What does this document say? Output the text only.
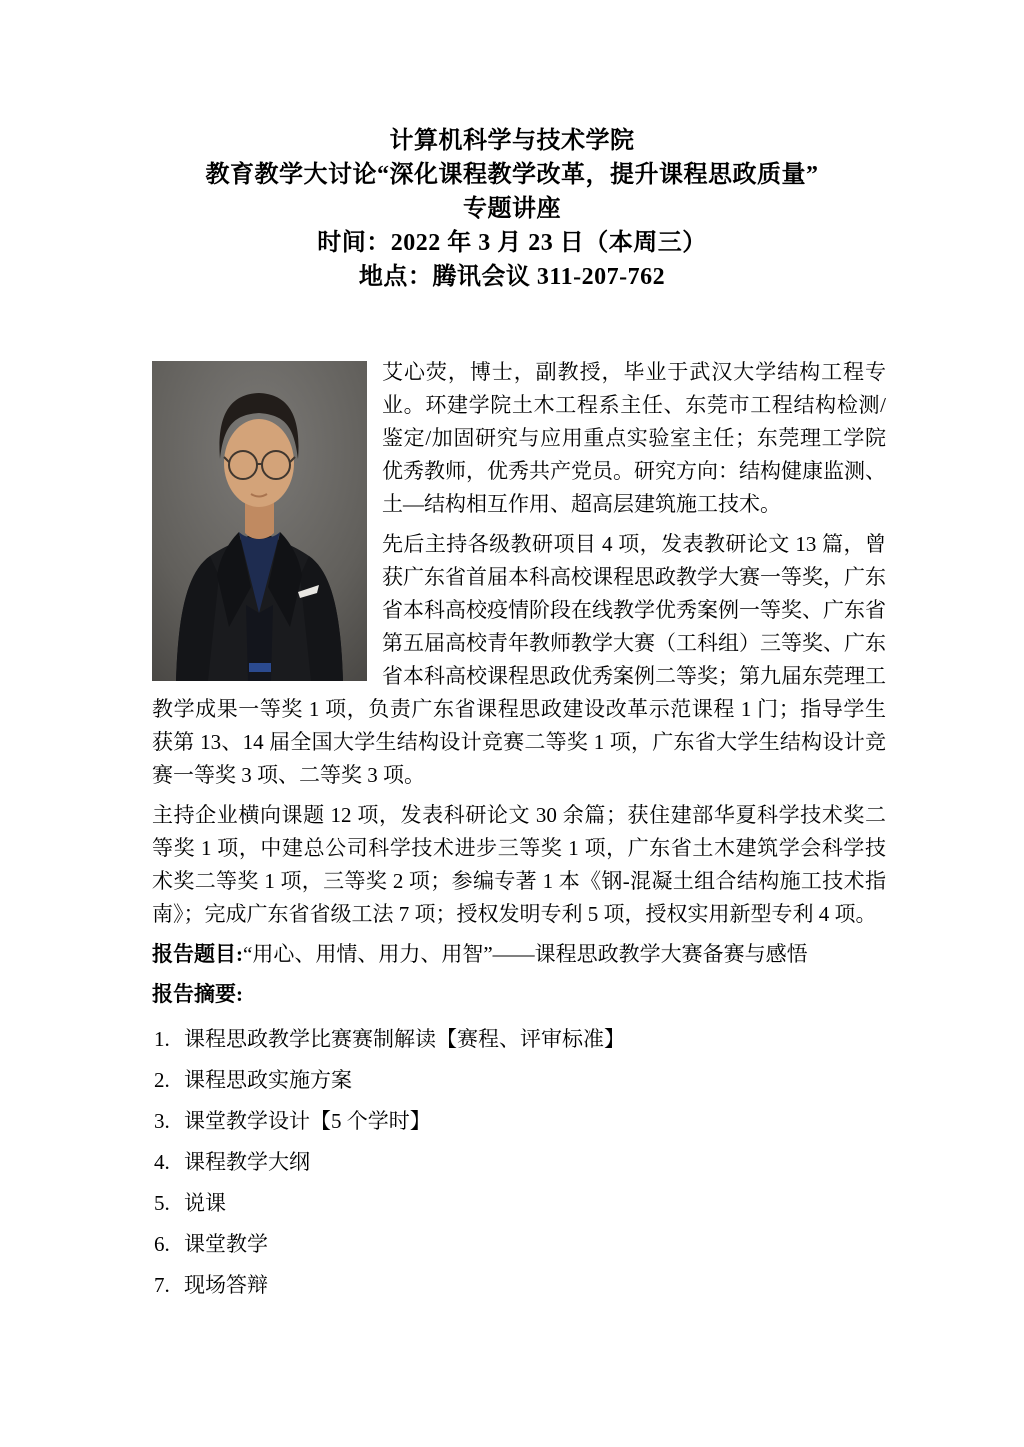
计算机科学与技术学院
教育教学大讨论“深化课程教学改革，提升课程思政质量”
专题讲座
时间：2022 年 3 月 23 日（本周三）
地点：腾讯会议 311-207-762

艾心荧，博士，副教授，毕业于武汉大学结构工程专业。环建学院土木工程系主任、东莞市工程结构检测/鉴定/加固研究与应用重点实验室主任；东莞理工学院优秀教师，优秀共产党员。研究方向：结构健康监测、土—结构相互作用、超高层建筑施工技术。

先后主持各级教研项目 4 项，发表教研论文 13 篇，曾获广东省首届本科高校课程思政教学大赛一等奖，广东省本科高校疫情阶段在线教学优秀案例一等奖、广东省第五届高校青年教师教学大赛（工科组）三等奖、广东省本科高校课程思政优秀案例二等奖；第九届东莞理工教学成果一等奖 1 项，负责广东省课程思政建设改革示范课程 1 门；指导学生获第 13、14 届全国大学生结构设计竞赛二等奖 1 项，广东省大学生结构设计竞赛一等奖 3 项、二等奖 3 项。

主持企业横向课题 12 项，发表科研论文 30 余篇；获住建部华夏科学技术奖二等奖 1 项，中建总公司科学技术进步三等奖 1 项，广东省土木建筑学会科学技术奖二等奖 1 项，三等奖 2 项；参编专著 1 本《钢-混凝土组合结构施工技术指南》；完成广东省省级工法 7 项；授权发明专利 5 项，授权实用新型专利 4 项。

报告题目:“用心、用情、用力、用智”——课程思政教学大赛备赛与感悟

报告摘要:

1. 课程思政教学比赛赛制解读【赛程、评审标准】
2. 课程思政实施方案
3. 课堂教学设计【5 个学时】
4. 课程教学大纲
5. 说课
6. 课堂教学
7. 现场答辩
